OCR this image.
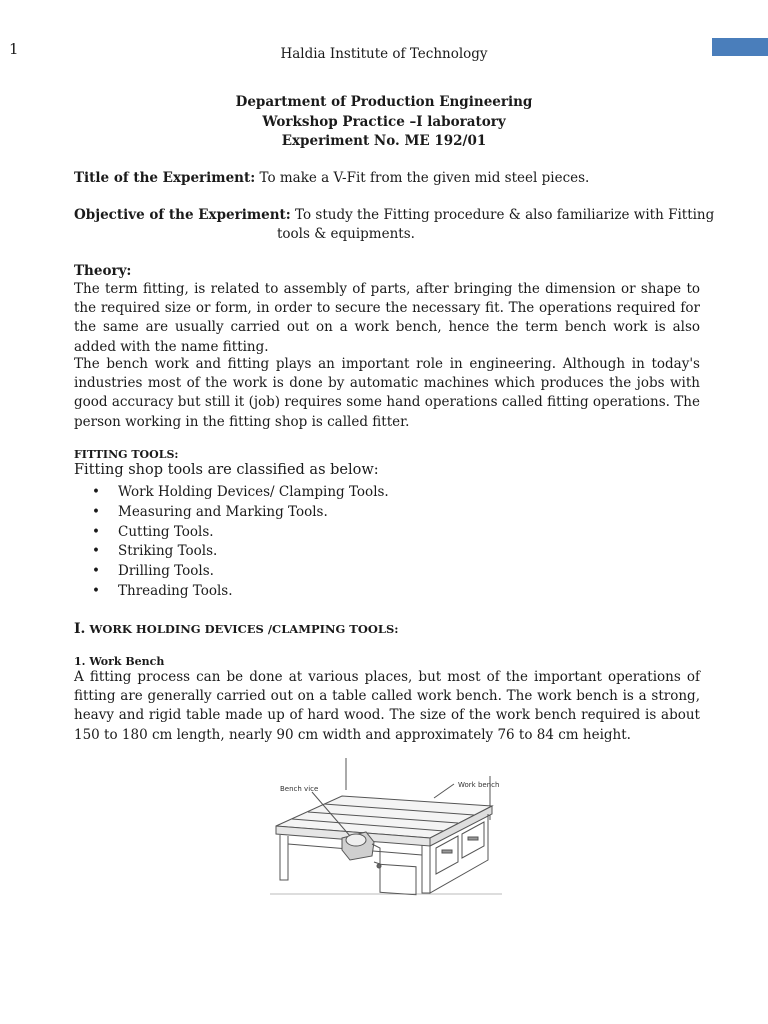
1	Haldia Institute of Technology
Department of Production Engineering
Workshop Practice –I laboratory
Experiment No. ME 192/01
Title of the Experiment: To make a V-Fit from the given mid steel pieces.
Objective of the Experiment: To study the Fitting procedure & also familiarize with Fitting
tools & equipments.
Theory:
The term fitting, is related to assembly of parts, after bringing the dimension or shape to the required size or form, in order to secure the necessary fit. The operations required for the same are usually carried out on a work bench, hence the term bench work is also added with the name fitting.
The bench work and fitting plays an important role in engineering. Although in today's industries most of the work is done by automatic machines which produces the jobs with good accuracy but still it (job) requires some hand operations called fitting operations. The person working in the fitting shop is called fitter.
FITTING TOOLS:
Fitting shop tools are classified as below:
• Work Holding Devices/ Clamping Tools.
• Measuring and Marking Tools.
• Cutting Tools.
• Striking Tools.
• Drilling Tools.
• Threading Tools.
I. WORK HOLDING DEVICES /CLAMPING TOOLS:
1. Work Bench
A fitting process can be done at various places, but most of the important operations of fitting are generally carried out on a table called work bench. The work bench is a strong, heavy and rigid table made up of hard wood. The size of the work bench required is about 150 to 180 cm length, nearly 90 cm width and approximately 76 to 84 cm height.
Bench vice	Work bench
